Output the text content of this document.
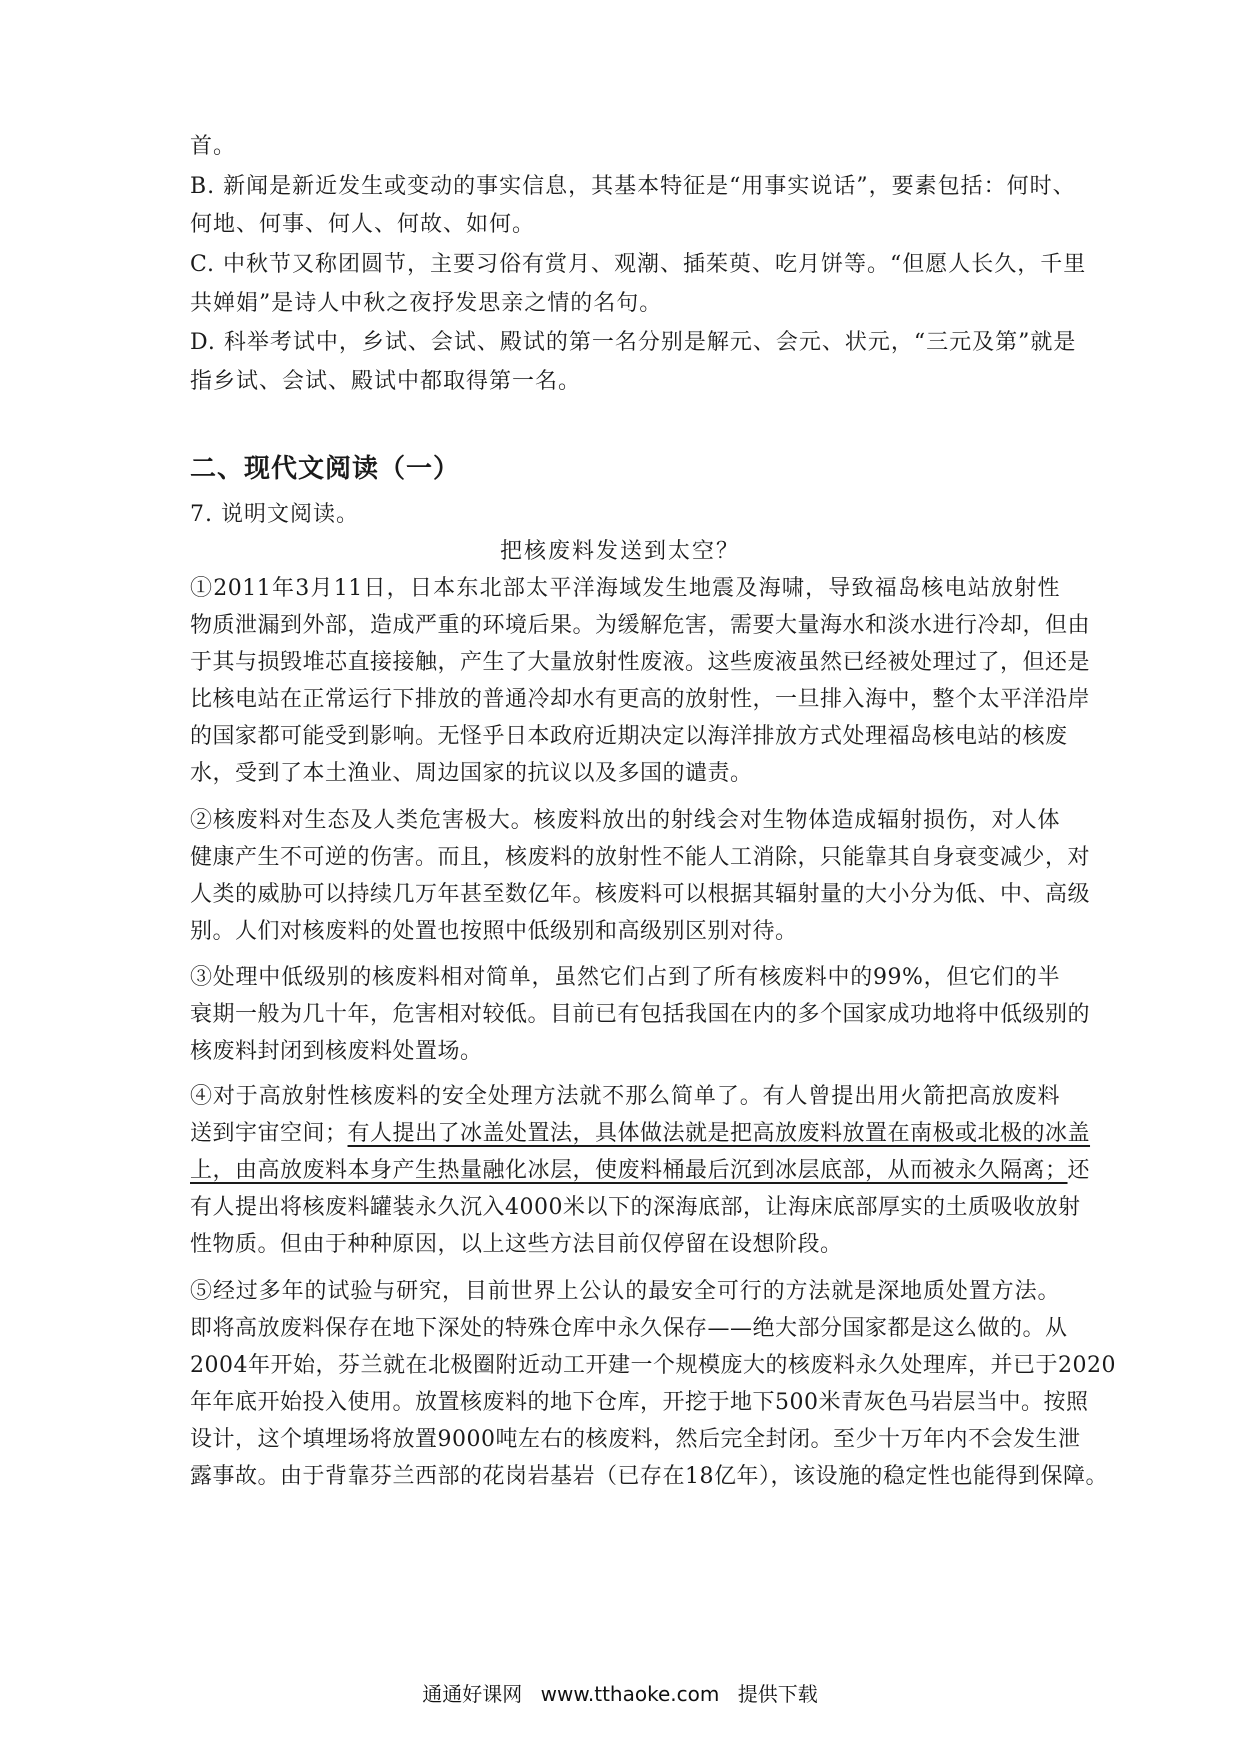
首。
B. 新闻是新近发生或变动的事实信息，其基本特征是“用事实说话”，要素包括：何时、
何地、何事、何人、何故、如何。
C. 中秋节又称团圆节，主要习俗有赏月、观潮、插茱萸、吃月饼等。“但愿人长久，千里
共婵娟”是诗人中秋之夜抒发思亲之情的名句。
D. 科举考试中，乡试、会试、殿试的第一名分别是解元、会元、状元，“三元及第”就是
指乡试、会试、殿试中都取得第一名。
二、现代文阅读（一）
7. 说明文阅读。
把核废料发送到太空？
①2011年3月11日，日本东北部太平洋海域发生地震及海啸，导致福岛核电站放射性
物质泄漏到外部，造成严重的环境后果。为缓解危害，需要大量海水和淡水进行冷却，但由
于其与损毁堆芯直接接触，产生了大量放射性废液。这些废液虽然已经被处理过了，但还是
比核电站在正常运行下排放的普通冷却水有更高的放射性，一旦排入海中，整个太平洋沿岸
的国家都可能受到影响。无怪乎日本政府近期决定以海洋排放方式处理福岛核电站的核废
水，受到了本土渔业、周边国家的抗议以及多国的谴责。
②核废料对生态及人类危害极大。核废料放出的射线会对生物体造成辐射损伤，对人体
健康产生不可逆的伤害。而且，核废料的放射性不能人工消除，只能靠其自身衰变减少，对
人类的威胁可以持续几万年甚至数亿年。核废料可以根据其辐射量的大小分为低、中、高级
别。人们对核废料的处置也按照中低级别和高级别区别对待。
③处理中低级别的核废料相对简单，虽然它们占到了所有核废料中的99%，但它们的半
衰期一般为几十年，危害相对较低。目前已有包括我国在内的多个国家成功地将中低级别的
核废料封闭到核废料处置场。
④对于高放射性核废料的安全处理方法就不那么简单了。有人曾提出用火箭把高放废料
送到宇宙空间；有人提出了冰盖处置法，具体做法就是把高放废料放置在南极或北极的冰盖
上，由高放废料本身产生热量融化冰层，使废料桶最后沉到冰层底部，从而被永久隔离；还
有人提出将核废料罐装永久沉入4000米以下的深海底部，让海床底部厚实的土质吸收放射
性物质。但由于种种原因，以上这些方法目前仅停留在设想阶段。
⑤经过多年的试验与研究，目前世界上公认的最安全可行的方法就是深地质处置方法。
即将高放废料保存在地下深处的特殊仓库中永久保存——绝大部分国家都是这么做的。从
2004年开始，芬兰就在北极圈附近动工开建一个规模庞大的核废料永久处理库，并已于2020
年年底开始投入使用。放置核废料的地下仓库，开挖于地下500米青灰色马岩层当中。按照
设计，这个填埋场将放置9000吨左右的核废料，然后完全封闭。至少十万年内不会发生泄
露事故。由于背靠芬兰西部的花岗岩基岩（已存在18亿年），该设施的稳定性也能得到保障。
通通好课网 www.tthaoke.com 提供下载
